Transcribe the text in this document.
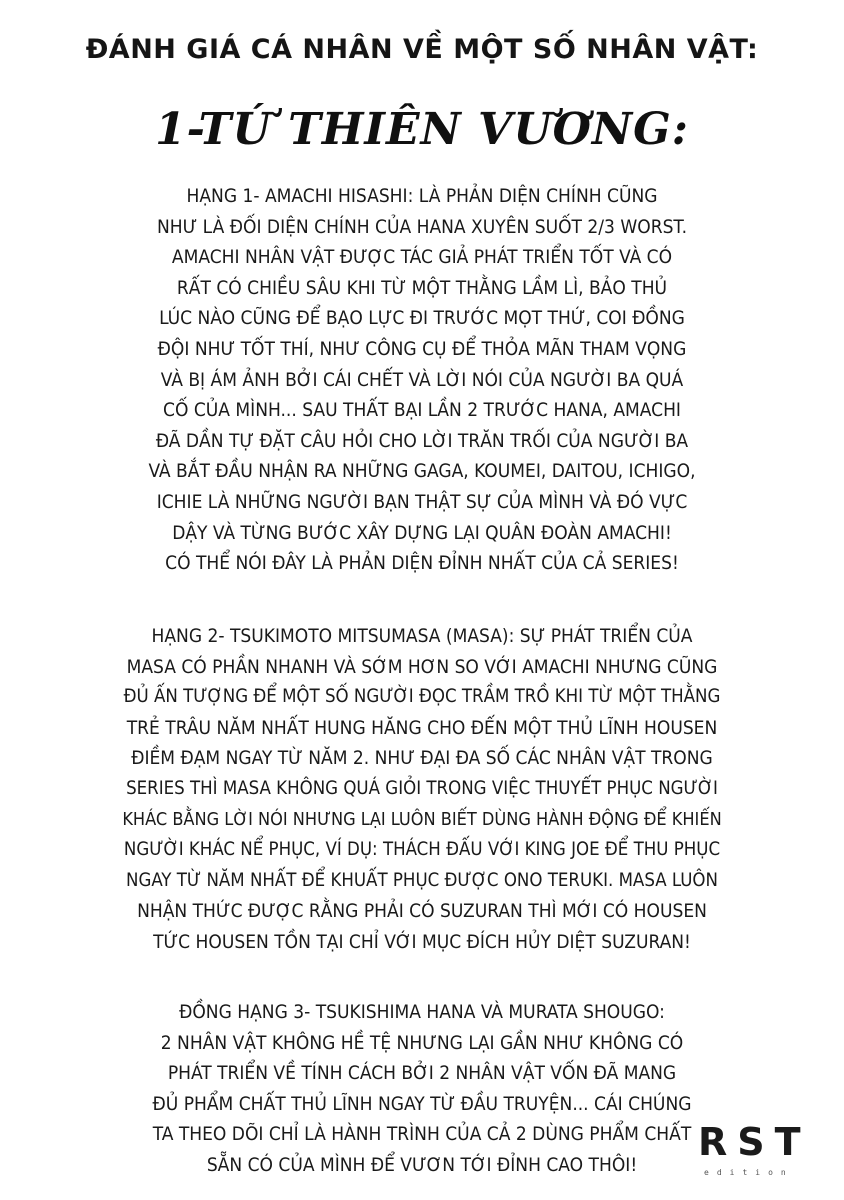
ĐÁNH GIÁ CÁ NHÂN VỀ MỘT SỐ NHÂN VẬT:
1-TỨ THIÊN VƯƠNG:

HẠNG 1- AMACHI HISASHI: LÀ PHẢN DIỆN CHÍNH CŨNG
NHƯ LÀ ĐỐI DIỆN CHÍNH CỦA HANA XUYÊN SUỐT 2/3 WORST.
AMACHI NHÂN VẬT ĐƯỢC TÁC GIẢ PHÁT TRIỂN TỐT VÀ CÓ
RẤT CÓ CHIỀU SÂU KHI TỪ MỘT THẰNG LẦM LÌ, BẢO THỦ
LÚC NÀO CŨNG ĐỂ BẠO LỰC ĐI TRƯỚC MỌT THỨ, COI ĐỒNG
ĐỘI NHƯ TỐT THÍ, NHƯ CÔNG CỤ ĐỂ THỎA MÃN THAM VỌNG
VÀ BỊ ÁM ẢNH BỞI CÁI CHẾT VÀ LỜI NÓI CỦA NGƯỜI BA QUÁ
CỐ CỦA MÌNH... SAU THẤT BẠI LẦN 2 TRƯỚC HANA, AMACHI
ĐÃ DẦN TỰ ĐẶT CÂU HỎI CHO LỜI TRĂN TRỐI CỦA NGƯỜI BA
VÀ BẮT ĐẦU NHẬN RA NHỮNG GAGA, KOUMEI, DAITOU, ICHIGO,
ICHIE LÀ NHỮNG NGƯỜI BẠN THẬT SỰ CỦA MÌNH VÀ ĐÓ VỰC
DẬY VÀ TỪNG BƯỚC XÂY DỰNG LẠI QUÂN ĐOÀN AMACHI!
CÓ THỂ NÓI ĐÂY LÀ PHẢN DIỆN ĐỈNH NHẤT CỦA CẢ SERIES!

HẠNG 2- TSUKIMOTO MITSUMASA (MASA): SỰ PHÁT TRIỂN CỦA
MASA CÓ PHẦN NHANH VÀ SỚM HƠN SO VỚI AMACHI NHƯNG CŨNG
ĐỦ ẤN TƯỢNG ĐỂ MỘT SỐ NGƯỜI ĐỌC TRẦM TRỒ KHI TỪ MỘT THẰNG
TRẺ TRÂU NĂM NHẤT HUNG HĂNG CHO ĐẾN MỘT THỦ LĨNH HOUSEN
ĐIỀM ĐẠM NGAY TỪ NĂM 2. NHƯ ĐẠI ĐA SỐ CÁC NHÂN VẬT TRONG
SERIES THÌ MASA KHÔNG QUÁ GIỎI TRONG VIỆC THUYẾT PHỤC NGƯỜI
KHÁC BẰNG LỜI NÓI NHƯNG LẠI LUÔN BIẾT DÙNG HÀNH ĐỘNG ĐỂ KHIẾN
NGƯỜI KHÁC NỂ PHỤC, VÍ DỤ: THÁCH ĐẤU VỚI KING JOE ĐỂ THU PHỤC
NGAY TỪ NĂM NHẤT ĐỂ KHUẤT PHỤC ĐƯỢC ONO TERUKI. MASA LUÔN
NHẬN THỨC ĐƯỢC RẰNG PHẢI CÓ SUZURAN THÌ MỚI CÓ HOUSEN
TỨC HOUSEN TỒN TẠI CHỈ VỚI MỤC ĐÍCH HỦY DIỆT SUZURAN!

ĐỒNG HẠNG 3- TSUKISHIMA HANA VÀ MURATA SHOUGO:
2 NHÂN VẬT KHÔNG HỀ TỆ NHƯNG LẠI GẦN NHƯ KHÔNG CÓ
PHÁT TRIỂN VỀ TÍNH CÁCH BỞI 2 NHÂN VẬT VỐN ĐÃ MANG
ĐỦ PHẨM CHẤT THỦ LĨNH NGAY TỪ ĐẦU TRUYỆN... CÁI CHÚNG
TA THEO DÕI CHỈ LÀ HÀNH TRÌNH CỦA CẢ 2 DÙNG PHẨM CHẤT
SẴN CÓ CỦA MÌNH ĐỂ VƯƠN TỚI ĐỈNH CAO THÔI!

RST
edition
